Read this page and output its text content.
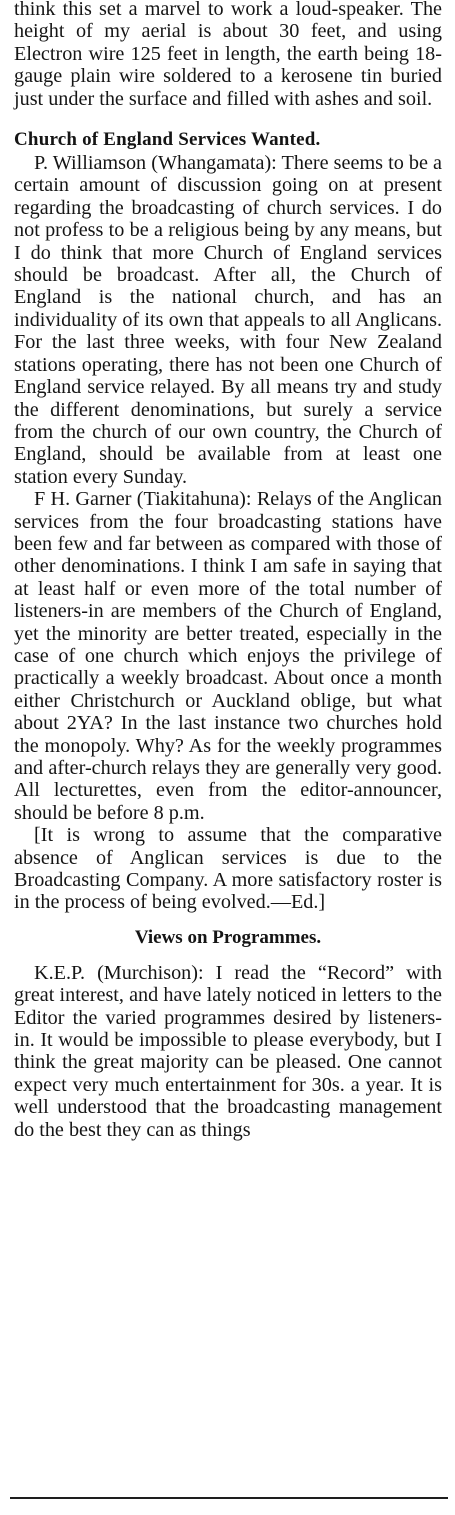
think this set a marvel to work a loud-speaker. The height of my aerial is about 30 feet, and using Electron wire 125 feet in length, the earth being 18-gauge plain wire soldered to a kerosene tin buried just under the surface and filled with ashes and soil.

Church of England Services Wanted.

P. Williamson (Whangamata): There seems to be a certain amount of discussion going on at present regarding the broadcasting of church services. I do not profess to be a religious being by any means, but I do think that more Church of England services should be broadcast. After all, the Church of England is the national church, and has an individuality of its own that appeals to all Anglicans. For the last three weeks, with four New Zealand stations operating, there has not been one Church of England service relayed. By all means try and study the different denominations, but surely a service from the church of our own country, the Church of England, should be available from at least one station every Sunday.

F H. Garner (Tiakitahuna): Relays of the Anglican services from the four broadcasting stations have been few and far between as compared with those of other denominations. I think I am safe in saying that at least half or even more of the total number of listeners-in are members of the Church of England, yet the minority are better treated, especially in the case of one church which enjoys the privilege of practically a weekly broadcast. About once a month either Christchurch or Auckland oblige, but what about 2YA? In the last instance two churches hold the monopoly. Why? As for the weekly programmes and after-church relays they are generally very good. All lecturettes, even from the editor-announcer, should be before 8 p.m.

[It is wrong to assume that the comparative absence of Anglican services is due to the Broadcasting Company. A more satisfactory roster is in the process of being evolved.—Ed.]

Views on Programmes.

K.E.P. (Murchison): I read the “Record” with great interest, and have lately noticed in letters to the Editor the varied programmes desired by listeners-in. It would be impossible to please everybody, but I think the great majority can be pleased. One cannot expect very much entertainment for 30s. a year. It is well understood that the broadcasting management do the best they can as things
